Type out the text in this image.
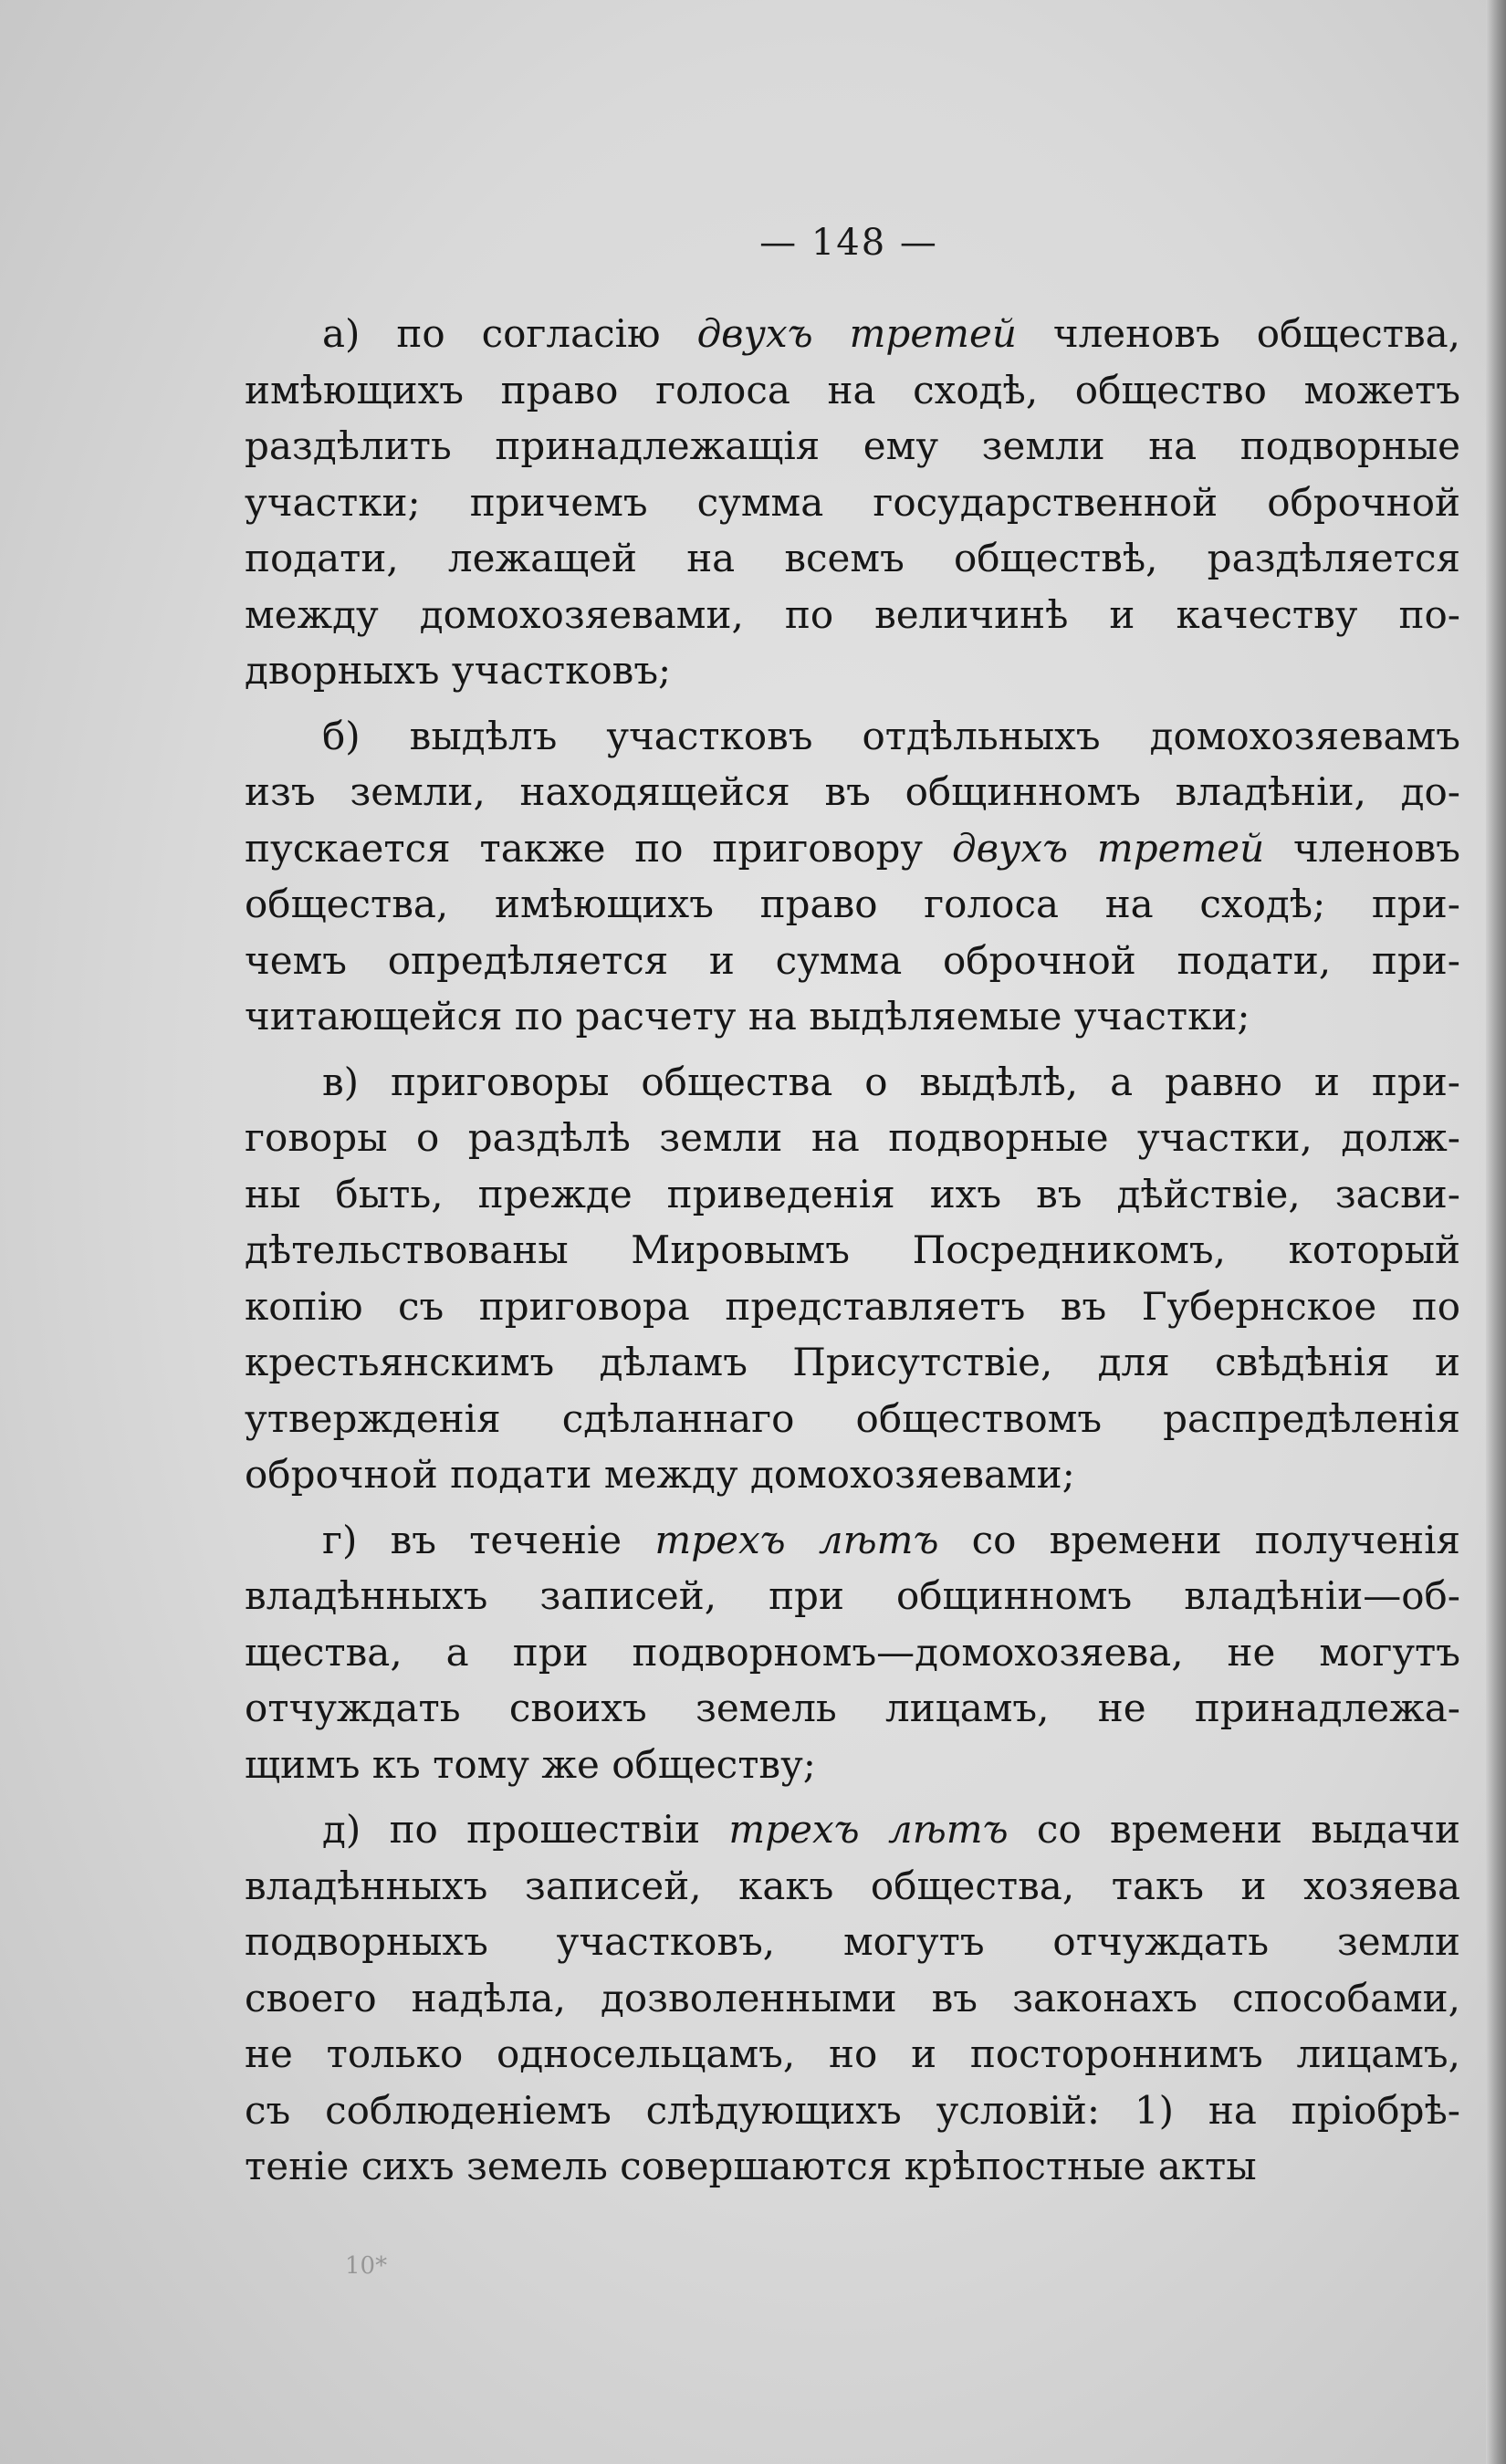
— 148 —
а) по согласію двухъ третей членовъ общества,
имѣющихъ право голоса на сходѣ, общество можетъ
раздѣлить принадлежащія ему земли на подворные
участки; причемъ сумма государственной оброчной
подати, лежащей на всемъ обществѣ, раздѣляется
между домохозяевами, по величинѣ и качеству по-
дворныхъ участковъ;
б) выдѣлъ участковъ отдѣльныхъ домохозяевамъ
изъ земли, находящейся въ общинномъ владѣніи, до-
пускается также по приговору двухъ третей членовъ
общества, имѣющихъ право голоса на сходѣ; при-
чемъ опредѣляется и сумма оброчной подати, при-
читающейся по расчету на выдѣляемые участки;
в) приговоры общества о выдѣлѣ, а равно и при-
говоры о раздѣлѣ земли на подворные участки, долж-
ны быть, прежде приведенія ихъ въ дѣйствіе, засви-
дѣтельствованы Мировымъ Посредникомъ, который
копію съ приговора представляетъ въ Губернское по
крестьянскимъ дѣламъ Присутствіе, для свѣдѣнія и
утвержденія сдѣланнаго обществомъ распредѣленія
оброчной подати между домохозяевами;
г) въ теченіе трехъ лѣтъ со времени полученія
владѣнныхъ записей, при общинномъ владѣніи—об-
щества, а при подворномъ—домохозяева, не могутъ
отчуждать своихъ земель лицамъ, не принадлежа-
щимъ къ тому же обществу;
д) по прошествіи трехъ лѣтъ со времени выдачи
владѣнныхъ записей, какъ общества, такъ и хозяева
подворныхъ участковъ, могутъ отчуждать земли
своего надѣла, дозволенными въ законахъ способами,
не только односельцамъ, но и постороннимъ лицамъ,
съ соблюденіемъ слѣдующихъ условій: 1) на пріобрѣ-
теніе сихъ земель совершаются крѣпостные акты
10*
